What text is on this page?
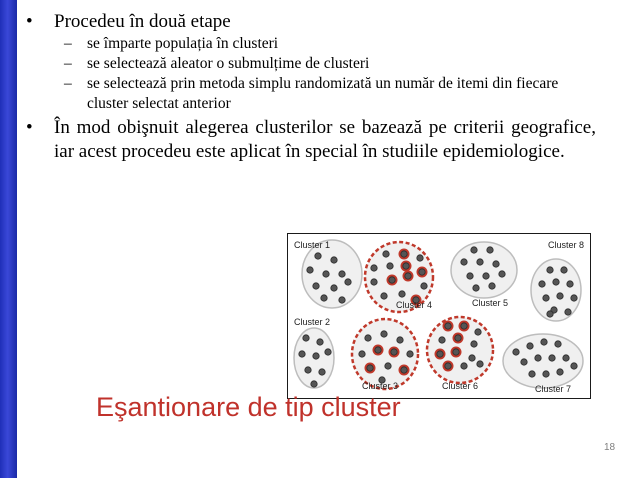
•	Procedeu în două etape
– se împarte populația în clusteri
– se selectează aleator o submulțime de clusteri
– se selectează prin metoda simplu randomizată un număr de itemi din fiecare cluster selectat anterior
•	În mod obişnuit alegerea clusterilor se bazează pe criterii geografice, iar acest procedeu este aplicat în special în studiile epidemiologice.
Cluster 1
Cluster 2
Cluster 3
Cluster 4	Cluster 5
Cluster 6	Cluster 7
Cluster 8
Eşantionare de tip cluster
18
